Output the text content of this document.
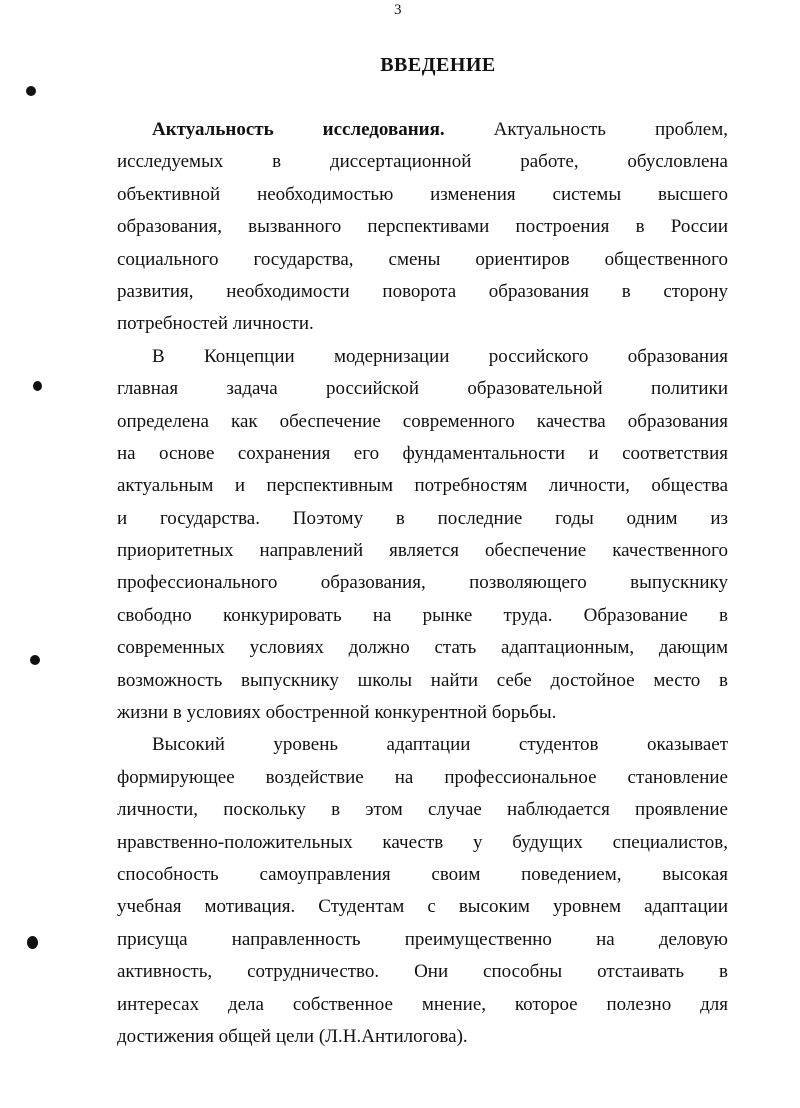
3
ВВЕДЕНИЕ
Актуальность исследования. Актуальность проблем,
исследуемых в диссертационной работе, обусловлена
объективной необходимостью изменения системы высшего
образования, вызванного перспективами построения в России
социального государства, смены ориентиров общественного
развития, необходимости поворота образования в сторону
потребностей личности.
В Концепции модернизации российского образования
главная задача российской образовательной политики
определена как обеспечение современного качества образования
на основе сохранения его фундаментальности и соответствия
актуальным и перспективным потребностям личности, общества
и государства. Поэтому в последние годы одним из
приоритетных направлений является обеспечение качественного
профессионального образования, позволяющего выпускнику
свободно конкурировать на рынке труда. Образование в
современных условиях должно стать адаптационным, дающим
возможность выпускнику школы найти себе достойное место в
жизни в условиях обостренной конкурентной борьбы.
Высокий уровень адаптации студентов оказывает
формирующее воздействие на профессиональное становление
личности, поскольку в этом случае наблюдается проявление
нравственно-положительных качеств у будущих специалистов,
способность самоуправления своим поведением, высокая
учебная мотивация. Студентам с высоким уровнем адаптации
присуща направленность преимущественно на деловую
активность, сотрудничество. Они способны отстаивать в
интересах дела собственное мнение, которое полезно для
достижения общей цели (Л.Н.Антилогова).
